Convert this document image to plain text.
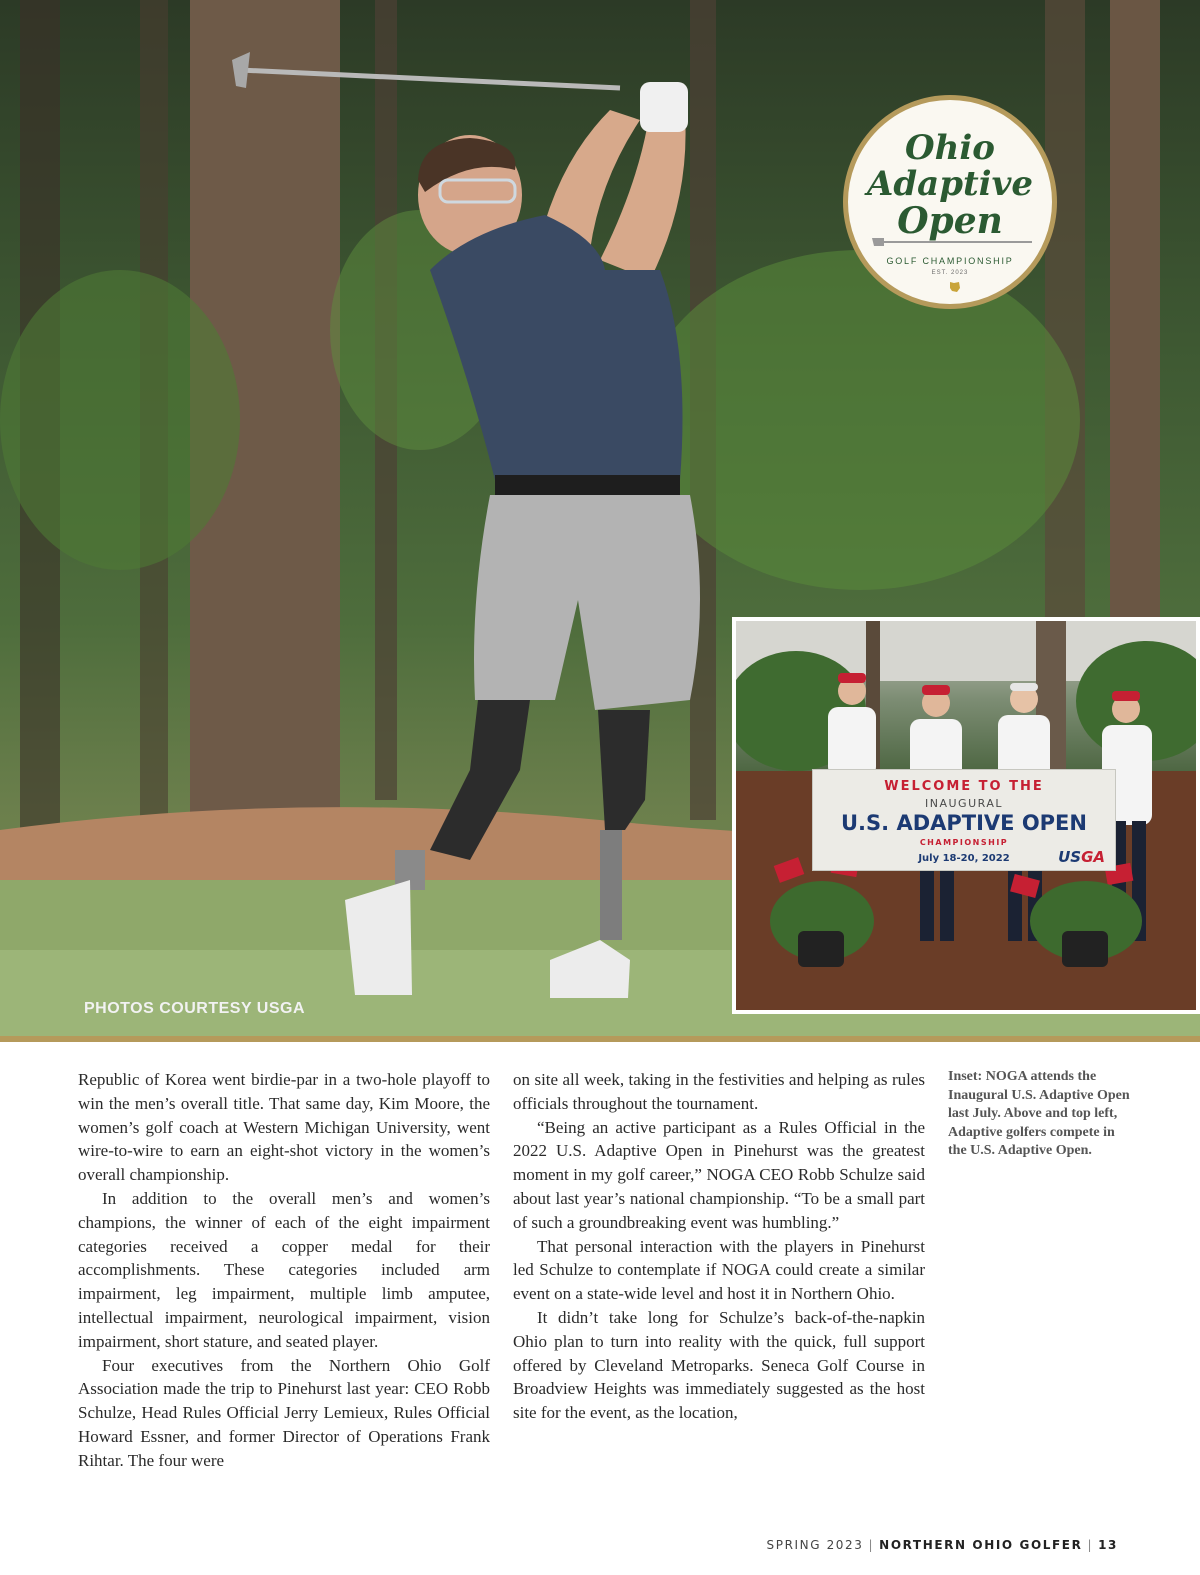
PHOTOS COURTESY USGA
Ohio
Adaptive
Open
GOLF CHAMPIONSHIP
EST. 2023
WELCOME TO THE
INAUGURAL
U.S. ADAPTIVE OPEN
CHAMPIONSHIP
July 18-20, 2022	USGA

Republic of Korea went birdie-par in a two-hole playoff to win the men’s overall title. That same day, Kim Moore, the women’s golf coach at Western Michigan University, went wire-to-wire to earn an eight-shot victory in the women’s overall championship.

In addition to the overall men’s and women’s champions, the winner of each of the eight impairment categories received a copper medal for their accomplishments. These categories included arm impairment, leg impairment, multiple limb amputee, intellectual impairment, neurological impairment, vision impairment, short stature, and seated player.

Four executives from the Northern Ohio Golf Association made the trip to Pinehurst last year: CEO Robb Schulze, Head Rules Official Jerry Lemieux, Rules Official Howard Essner, and former Director of Operations Frank Rihtar. The four were

on site all week, taking in the festivities and helping as rules officials throughout the tournament.

“Being an active participant as a Rules Official in the 2022 U.S. Adaptive Open in Pinehurst was the greatest moment in my golf career,” NOGA CEO Robb Schulze said about last year’s national championship. “To be a small part of such a groundbreaking event was humbling.”

That personal interaction with the players in Pinehurst led Schulze to contemplate if NOGA could create a similar event on a state-wide level and host it in Northern Ohio.

It didn’t take long for Schulze’s back-of-the-napkin Ohio plan to turn into reality with the quick, full support offered by Cleveland Metroparks. Seneca Golf Course in Broadview Heights was immediately suggested as the host site for the event, as the location,

Inset: NOGA attends the Inaugural U.S. Adaptive Open last July. Above and top left, Adaptive golfers compete in the U.S. Adaptive Open.
SPRING 2023 | NORTHERN OHIO GOLFER | 13
